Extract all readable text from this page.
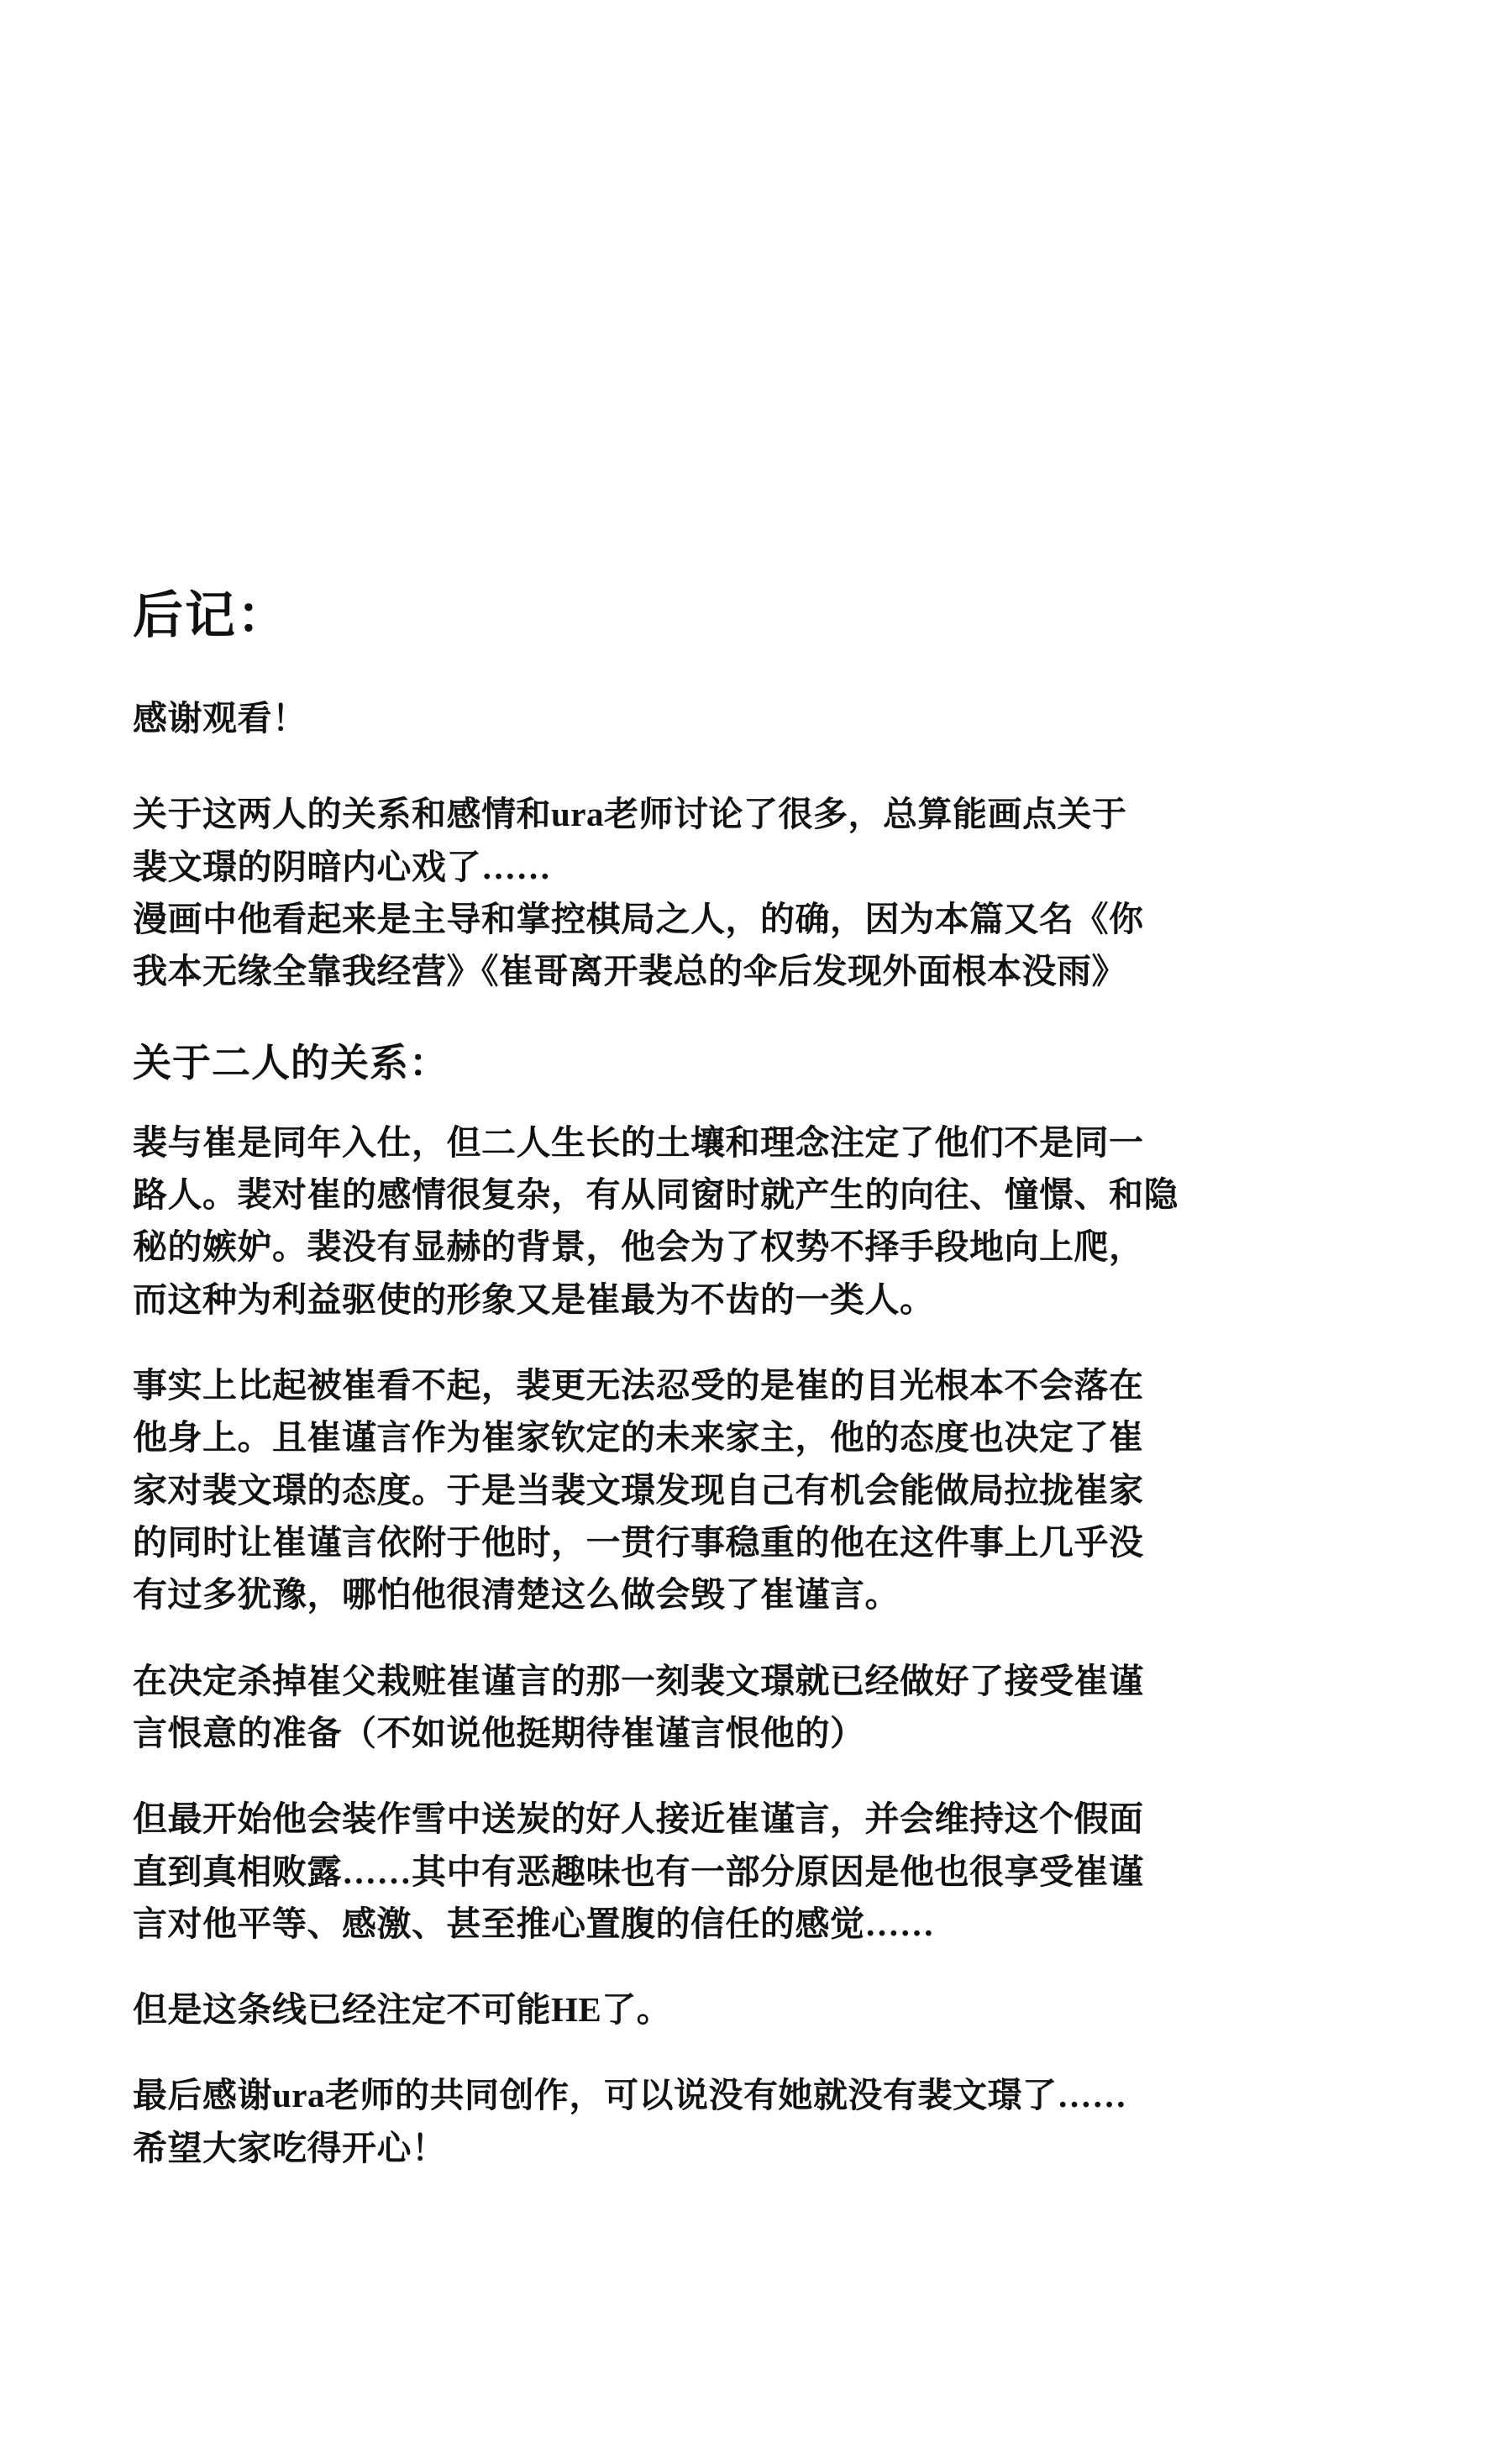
后记：

感谢观看！

关于这两人的关系和感情和ura老师讨论了很多，总算能画点关于
裴文璟的阴暗内心戏了……
漫画中他看起来是主导和掌控棋局之人，的确，因为本篇又名《你
我本无缘全靠我经营》《崔哥离开裴总的伞后发现外面根本没雨》

关于二人的关系：

裴与崔是同年入仕，但二人生长的土壤和理念注定了他们不是同一
路人。裴对崔的感情很复杂，有从同窗时就产生的向往、憧憬、和隐
秘的嫉妒。裴没有显赫的背景，他会为了权势不择手段地向上爬，
而这种为利益驱使的形象又是崔最为不齿的一类人。

事实上比起被崔看不起，裴更无法忍受的是崔的目光根本不会落在
他身上。且崔谨言作为崔家钦定的未来家主，他的态度也决定了崔
家对裴文璟的态度。于是当裴文璟发现自己有机会能做局拉拢崔家
的同时让崔谨言依附于他时，一贯行事稳重的他在这件事上几乎没
有过多犹豫，哪怕他很清楚这么做会毁了崔谨言。

在决定杀掉崔父栽赃崔谨言的那一刻裴文璟就已经做好了接受崔谨
言恨意的准备（不如说他挺期待崔谨言恨他的）

但最开始他会装作雪中送炭的好人接近崔谨言，并会维持这个假面
直到真相败露……其中有恶趣味也有一部分原因是他也很享受崔谨
言对他平等、感激、甚至推心置腹的信任的感觉……

但是这条线已经注定不可能HE了。

最后感谢ura老师的共同创作，可以说没有她就没有裴文璟了……
希望大家吃得开心！
